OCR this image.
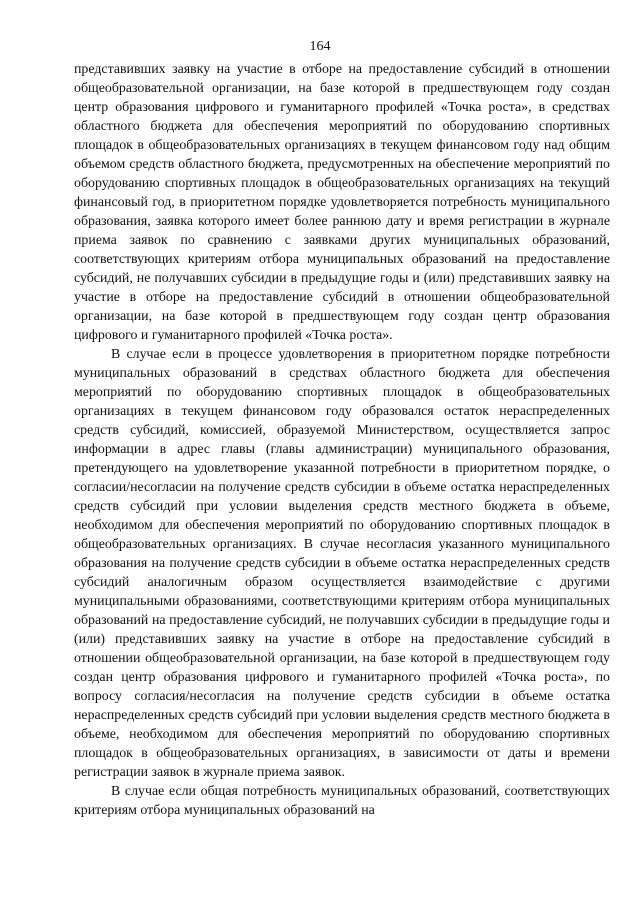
164

представивших заявку на участие в отборе на предоставление субсидий в отношении общеобразовательной организации, на базе которой в предшествующем году создан центр образования цифрового и гуманитарного профилей «Точка роста», в средствах областного бюджета для обеспечения мероприятий по оборудованию спортивных площадок в общеобразовательных организациях в текущем финансовом году над общим объемом средств областного бюджета, предусмотренных на обеспечение мероприятий по оборудованию спортивных площадок в общеобразовательных организациях на текущий финансовый год, в приоритетном порядке удовлетворяется потребность муниципального образования, заявка которого имеет более раннюю дату и время регистрации в журнале приема заявок по сравнению с заявками других муниципальных образований, соответствующих критериям отбора муниципальных образований на предоставление субсидий, не получавших субсидии в предыдущие годы и (или) представивших заявку на участие в отборе на предоставление субсидий в отношении общеобразовательной организации, на базе которой в предшествующем году создан центр образования цифрового и гуманитарного профилей «Точка роста».

В случае если в процессе удовлетворения в приоритетном порядке потребности муниципальных образований в средствах областного бюджета для обеспечения мероприятий по оборудованию спортивных площадок в общеобразовательных организациях в текущем финансовом году образовался остаток нераспределенных средств субсидий, комиссией, образуемой Министерством, осуществляется запрос информации в адрес главы (главы администрации) муниципального образования, претендующего на удовлетворение указанной потребности в приоритетном порядке, о согласии/несогласии на получение средств субсидии в объеме остатка нераспределенных средств субсидий при условии выделения средств местного бюджета в объеме, необходимом для обеспечения мероприятий по оборудованию спортивных площадок в общеобразовательных организациях. В случае несогласия указанного муниципального образования на получение средств субсидии в объеме остатка нераспределенных средств субсидий аналогичным образом осуществляется взаимодействие с другими муниципальными образованиями, соответствующими критериям отбора муниципальных образований на предоставление субсидий, не получавших субсидии в предыдущие годы и (или) представивших заявку на участие в отборе на предоставление субсидий в отношении общеобразовательной организации, на базе которой в предшествующем году создан центр образования цифрового и гуманитарного профилей «Точка роста», по вопросу согласия/несогласия на получение средств субсидии в объеме остатка нераспределенных средств субсидий при условии выделения средств местного бюджета в объеме, необходимом для обеспечения мероприятий по оборудованию спортивных площадок в общеобразовательных организациях, в зависимости от даты и времени регистрации заявок в журнале приема заявок.

В случае если общая потребность муниципальных образований, соответствующих критериям отбора муниципальных образований на
